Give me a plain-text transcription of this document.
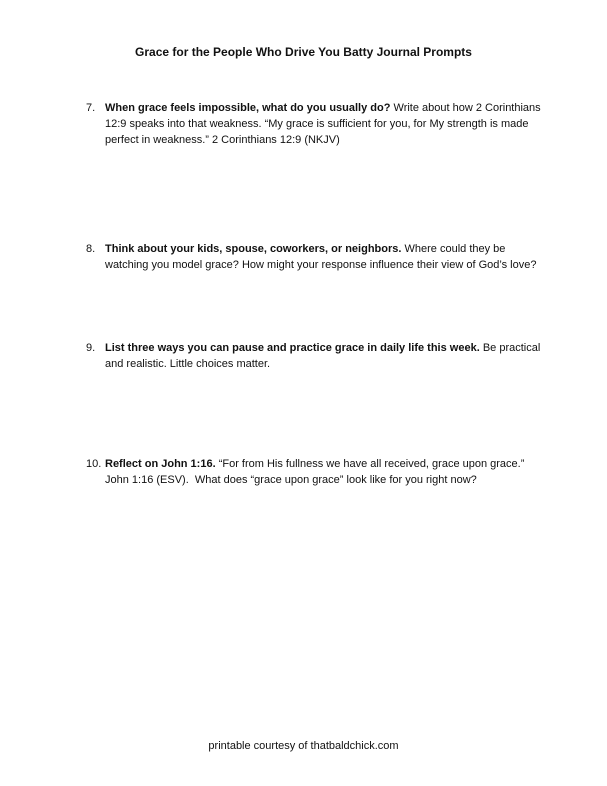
Grace for the People Who Drive You Batty Journal Prompts
7. When grace feels impossible, what do you usually do? Write about how 2 Corinthians 12:9 speaks into that weakness. “My grace is sufficient for you, for My strength is made perfect in weakness.” 2 Corinthians 12:9 (NKJV)

8. Think about your kids, spouse, coworkers, or neighbors. Where could they be watching you model grace? How might your response influence their view of God’s love?

9. List three ways you can pause and practice grace in daily life this week. Be practical and realistic. Little choices matter.

10. Reflect on John 1:16. “For from His fullness we have all received, grace upon grace.” John 1:16 (ESV).  What does “grace upon grace” look like for you right now?

printable courtesy of thatbaldchick.com
